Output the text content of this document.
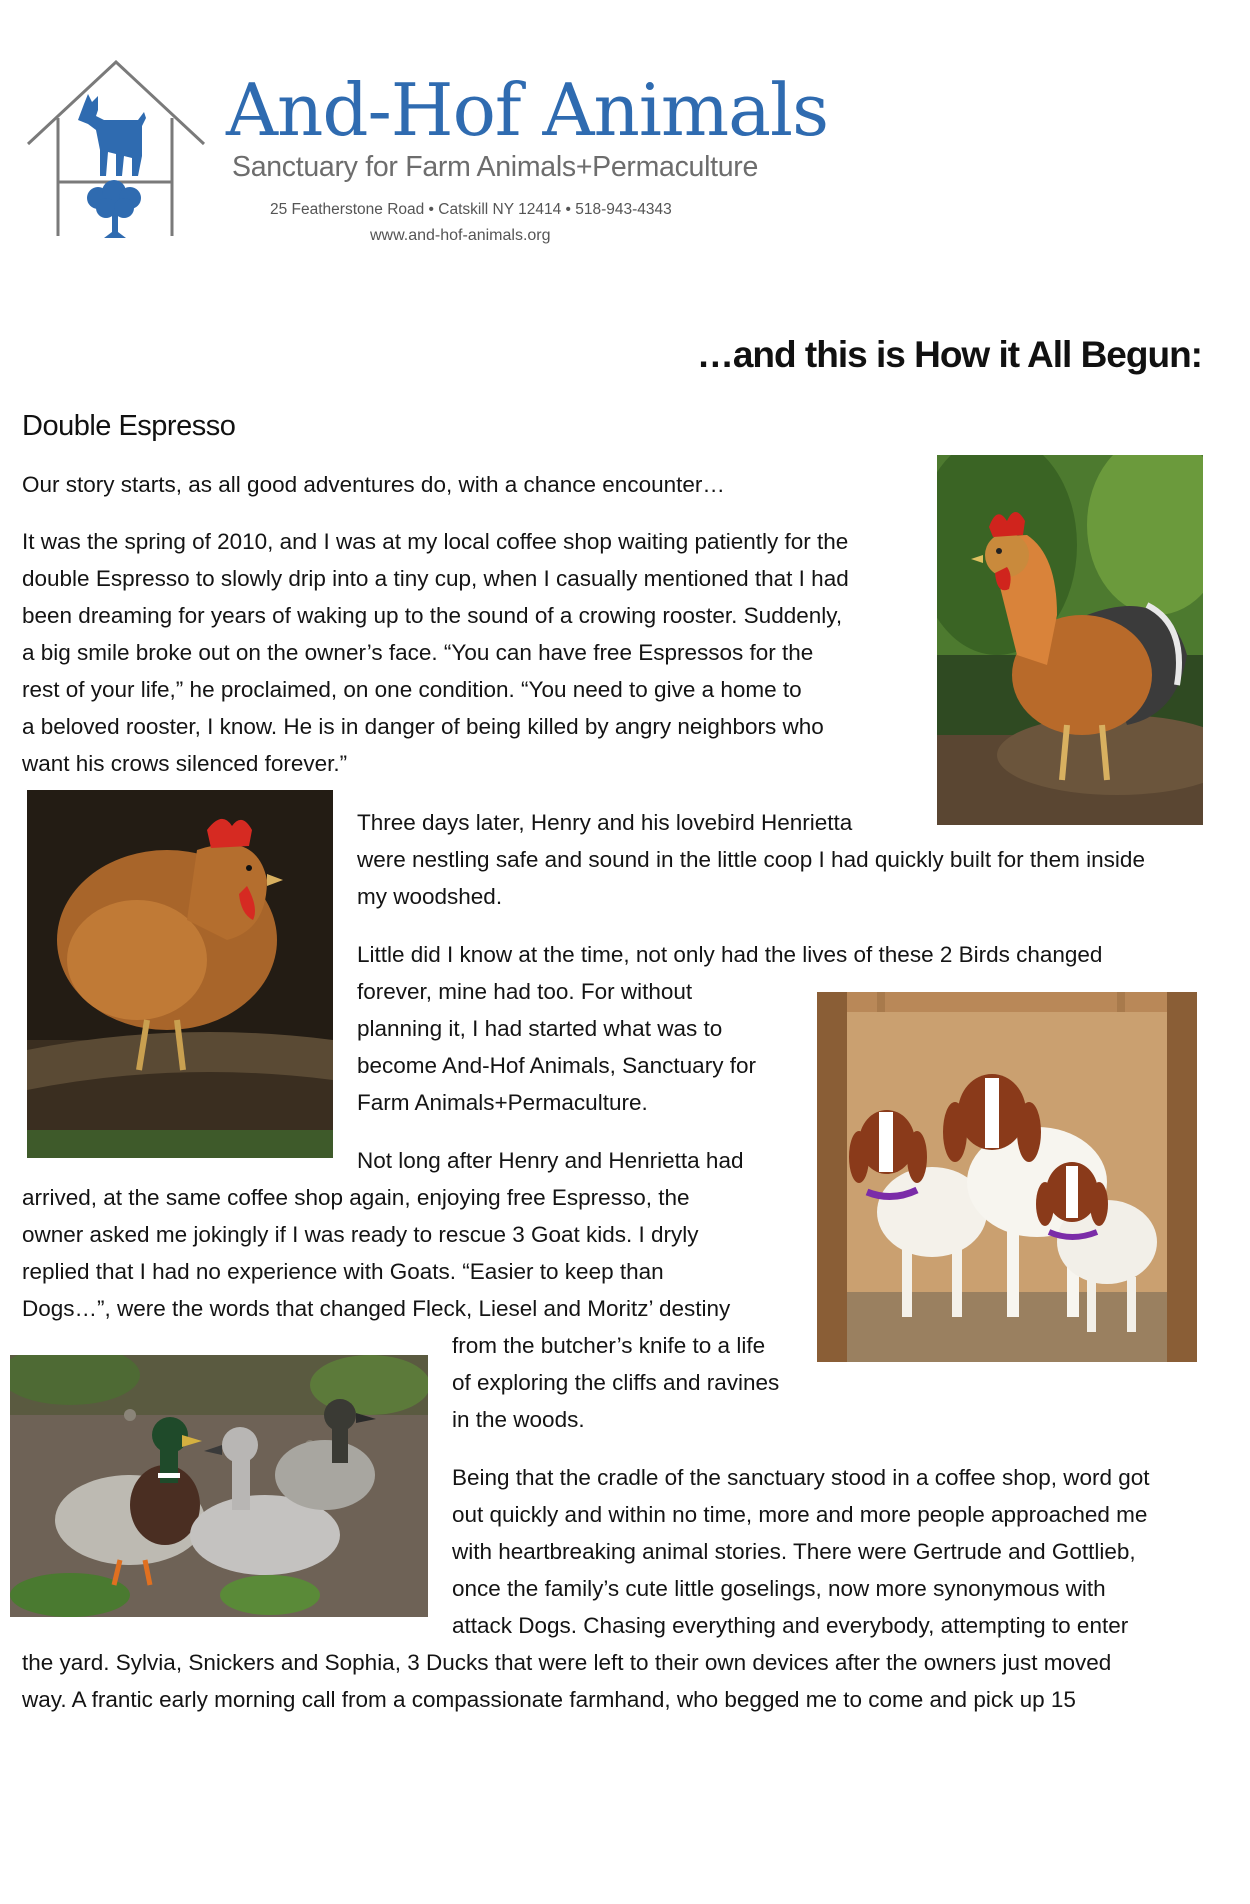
And-Hof Animals
Sanctuary for Farm Animals+Permaculture
25 Featherstone Road • Catskill NY 12414 • 518-943-4343
www.and-hof-animals.org
…and this is How it All Begun:
Double Espresso
Our story starts, as all good adventures do, with a chance encounter…
It was the spring of 2010, and I was at my local coffee shop waiting patiently for the
double Espresso to slowly drip into a tiny cup, when I casually mentioned that I had
been dreaming for years of waking up to the sound of a crowing rooster. Suddenly,
a big smile broke out on the owner’s face. “You can have free Espressos for the
rest of your life,” he proclaimed, on one condition. “You need to give a home to
a beloved rooster, I know. He is in danger of being killed by angry neighbors who
want his crows silenced forever.”
Three days later, Henry and his lovebird Henrietta
were nestling safe and sound in the little coop I had quickly built for them inside
my woodshed.
Little did I know at the time, not only had the lives of these 2 Birds changed
forever, mine had too. For without
planning it, I had started what was to
become And-Hof Animals, Sanctuary for
Farm Animals+Permaculture.
Not long after Henry and Henrietta had
arrived, at the same coffee shop again, enjoying free Espresso, the
owner asked me jokingly if I was ready to rescue 3 Goat kids. I dryly
replied that I had no experience with Goats. “Easier to keep than
Dogs…”, were the words that changed Fleck, Liesel and Moritz’ destiny
from the butcher’s knife to a life
of exploring the cliffs and ravines
in the woods.
Being that the cradle of the sanctuary stood in a coffee shop, word got
out quickly and within no time, more and more people approached me
with heartbreaking animal stories. There were Gertrude and Gottlieb,
once the family’s cute little goselings, now more synonymous with
attack Dogs. Chasing everything and everybody, attempting to enter
the yard. Sylvia, Snickers and Sophia, 3 Ducks that were left to their own devices after the owners just moved
way. A frantic early morning call from a compassionate farmhand, who begged me to come and pick up 15
